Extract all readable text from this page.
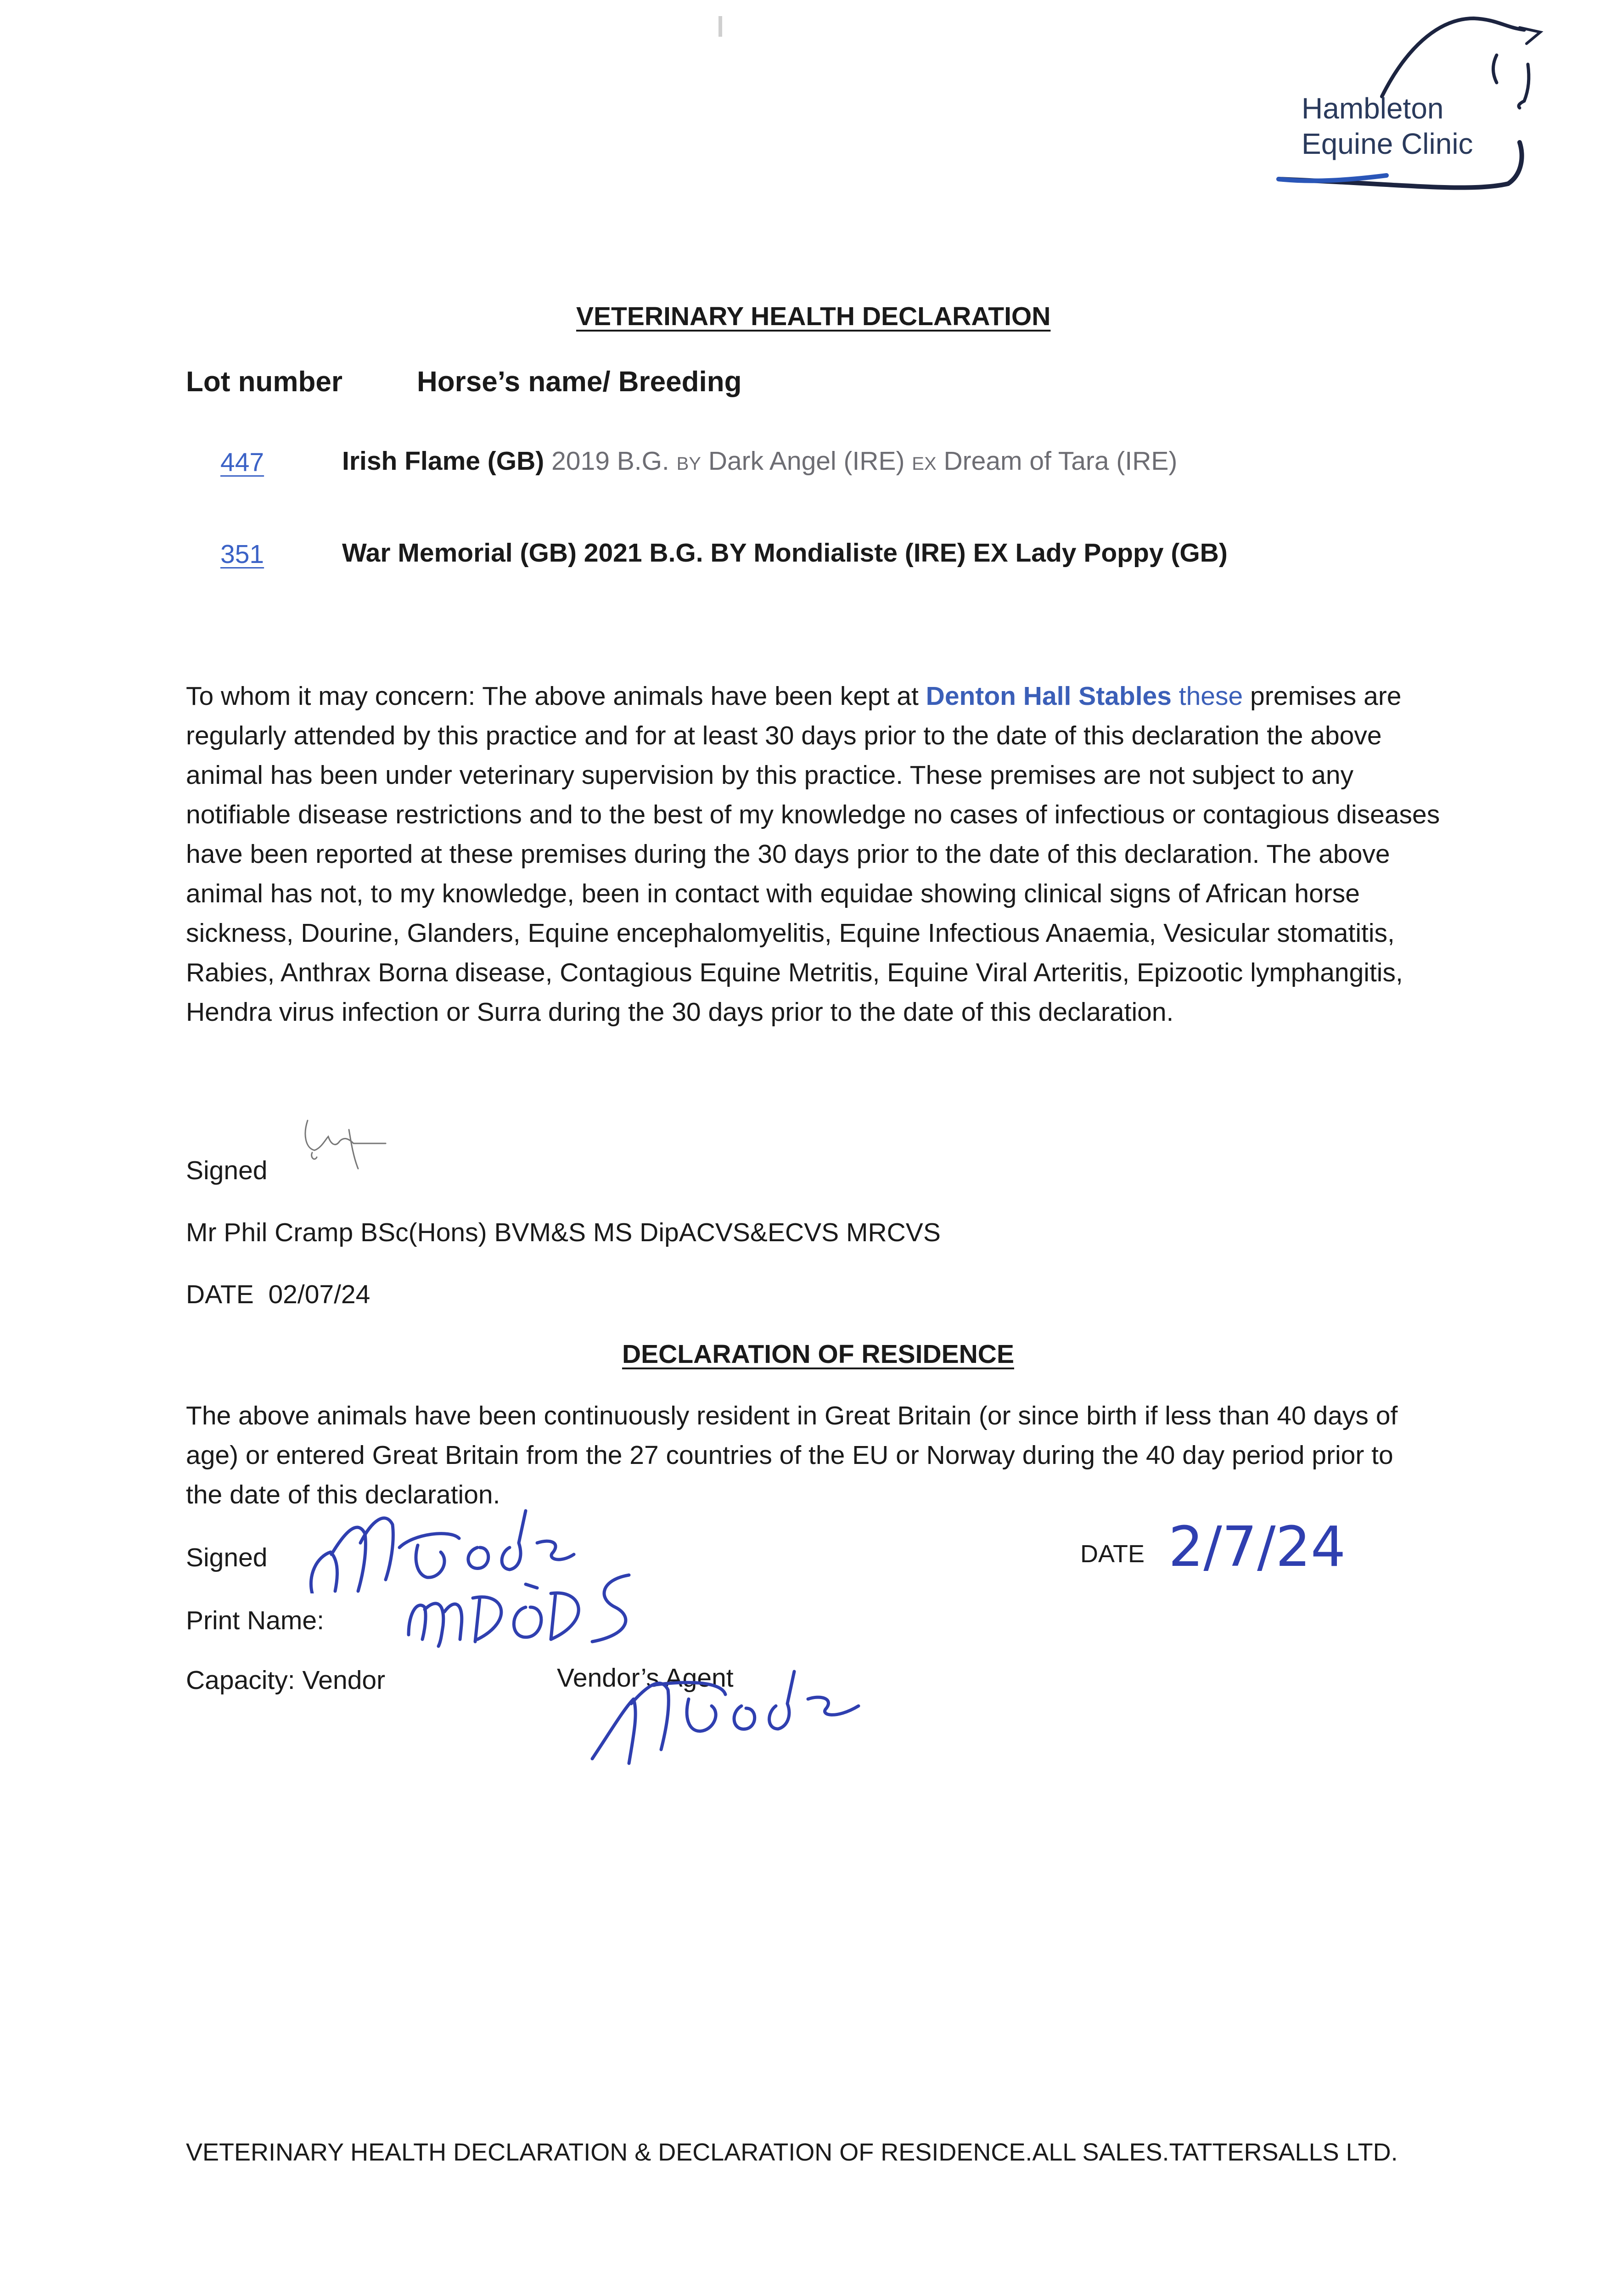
Hambleton
Equine Clinic
VETERINARY HEALTH DECLARATION
Lot number	Horse’s name/ Breeding
447	Irish Flame (GB) 2019 B.G. BY Dark Angel (IRE) EX Dream of Tara (IRE)
351	War Memorial (GB) 2021 B.G. BY Mondialiste (IRE) EX Lady Poppy (GB)
To whom it may concern: The above animals have been kept at Denton Hall Stables these premises are regularly attended by this practice and for at least 30 days prior to the date of this declaration the above animal has been under veterinary supervision by this practice. These premises are not subject to any notifiable disease restrictions and to the best of my knowledge no cases of infectious or contagious diseases have been reported at these premises during the 30 days prior to the date of this declaration. The above animal has not, to my knowledge, been in contact with equidae showing clinical signs of African horse sickness, Dourine, Glanders, Equine encephalomyelitis, Equine Infectious Anaemia, Vesicular stomatitis, Rabies, Anthrax Borna disease, Contagious Equine Metritis, Equine Viral Arteritis, Epizootic lymphangitis, Hendra virus infection or Surra during the 30 days prior to the date of this declaration.
Signed
Mr Phil Cramp BSc(Hons) BVM&S MS DipACVS&ECVS MRCVS
DATE  02/07/24
DECLARATION OF RESIDENCE
The above animals have been continuously resident in Great Britain (or since birth if less than 40 days of age) or entered Great Britain from the 27 countries of the EU or Norway during the 40 day period prior to the date of this declaration.
Signed	DATE 2/7/24
Print Name:
Capacity: Vendor	Vendor’s Agent
VETERINARY HEALTH DECLARATION & DECLARATION OF RESIDENCE.ALL SALES.TATTERSALLS LTD.
